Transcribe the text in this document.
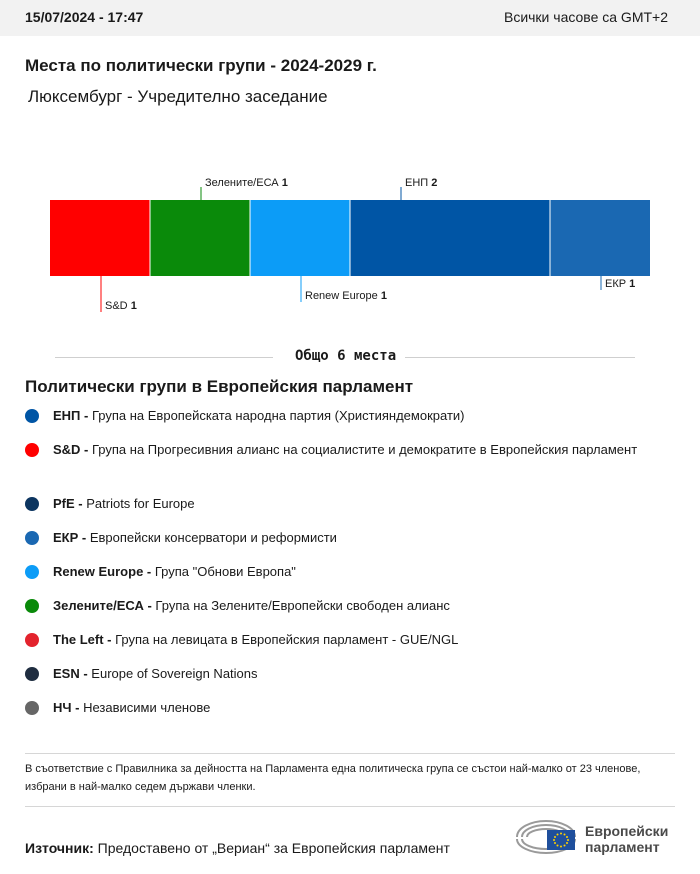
15/07/2024 - 17:47	Всички часове са GMT+2
Места по политически групи - 2024-2029 г.
Люксембург - Учредително заседание
S&D 1
Зелените/ЕСА 1
Renew Europe 1
ЕНП 2
ЕКР 1
Общо 6 места
Политически групи в Европейския парламент
ЕНП - Група на Европейската народна партия (Християндемократи)
S&D - Група на Прогресивния алианс на социалистите и демократите в Европейския парламент
PfE - Patriots for Europe
ЕКР - Европейски консерватори и реформисти
Renew Europe - Група "Обнови Европа"
Зелените/ЕСА - Група на Зелените/Европейски свободен алианс
The Left - Група на левицата в Европейския парламент - GUE/NGL
ESN - Europe of Sovereign Nations
НЧ - Независими членове
В съответствие с Правилника за дейността на Парламента една политическа група се състои най-малко от 23 членове, избрани в най-малко седем държави членки.
Източник: Предоставено от „Вериан“ за Европейския парламент
Европейски
парламент
